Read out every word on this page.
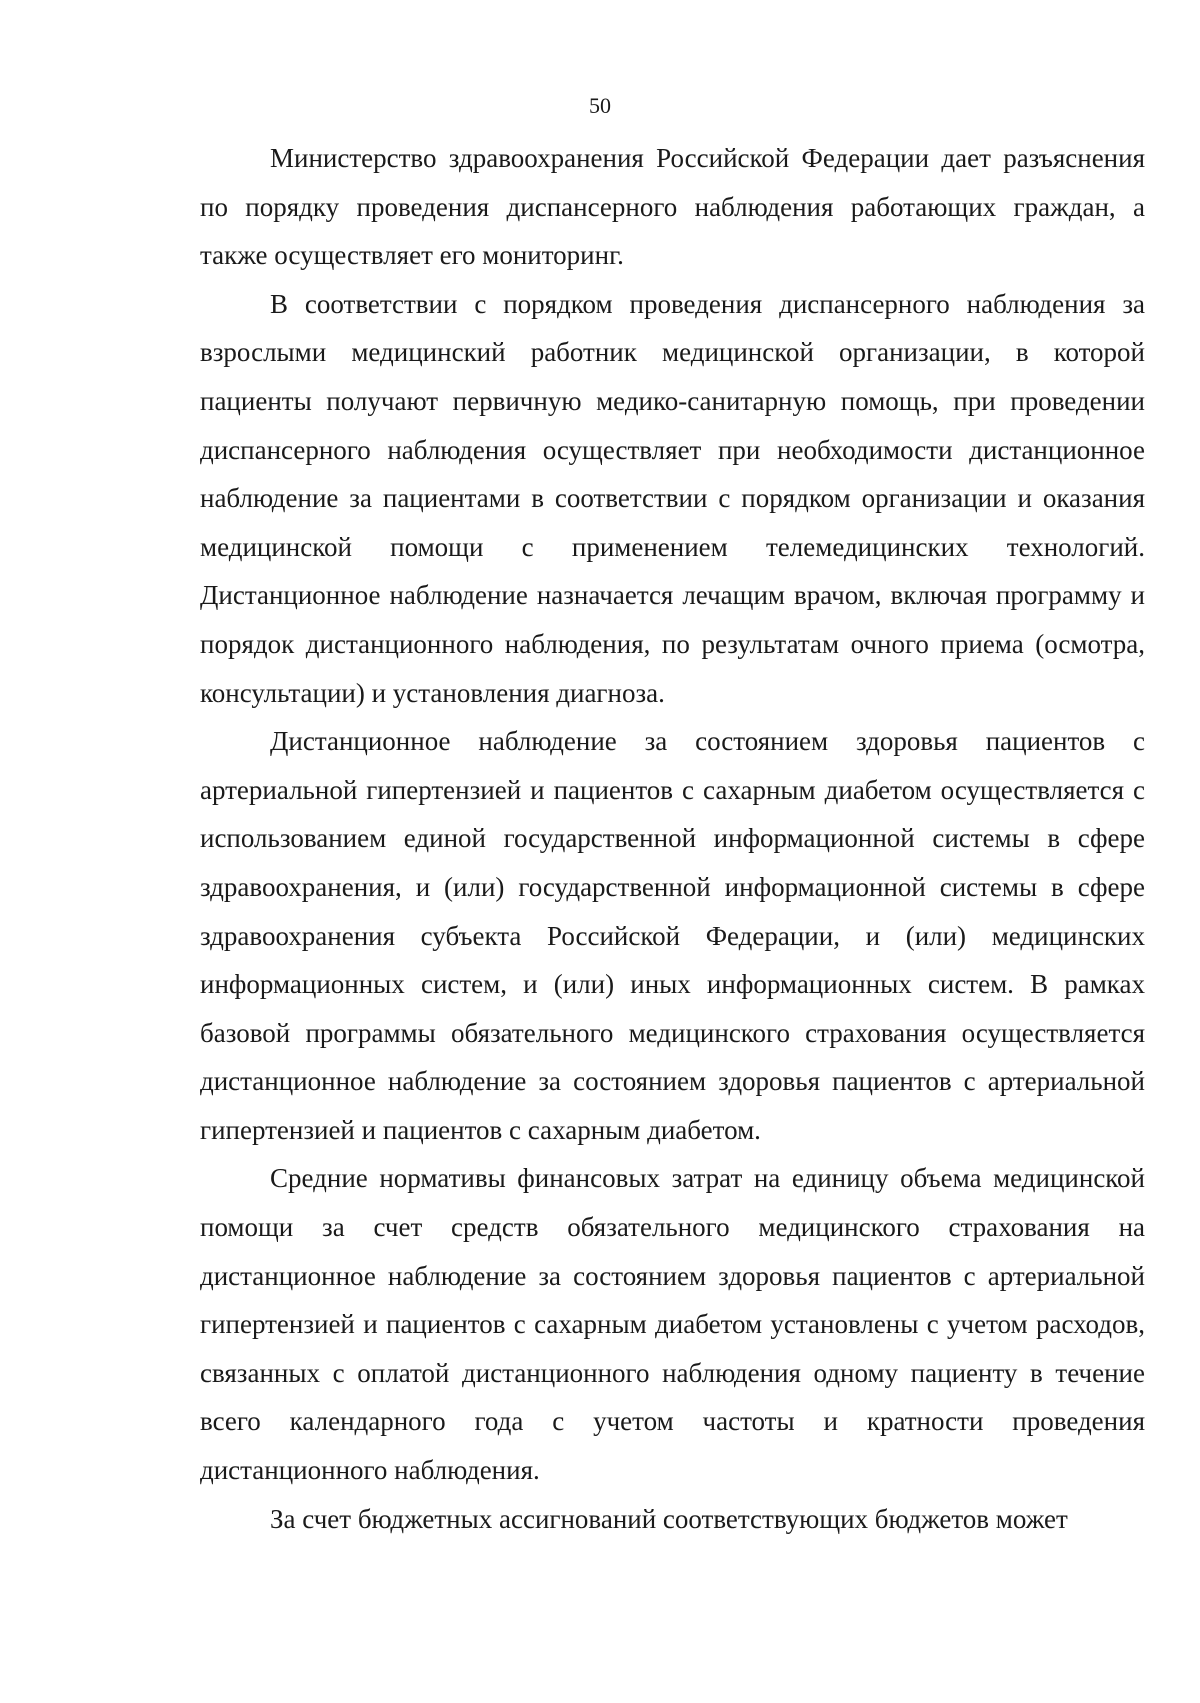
50

Министерство здравоохранения Российской Федерации дает разъяснения по порядку проведения диспансерного наблюдения работающих граждан, а также осуществляет его мониторинг.

В соответствии с порядком проведения диспансерного наблюдения за взрослыми медицинский работник медицинской организации, в которой пациенты получают первичную медико-санитарную помощь, при проведении диспансерного наблюдения осуществляет при необходимости дистанционное наблюдение за пациентами в соответствии с порядком организации и оказания медицинской помощи с применением телемедицинских технологий. Дистанционное наблюдение назначается лечащим врачом, включая программу и порядок дистанционного наблюдения, по результатам очного приема (осмотра, консультации) и установления диагноза.

Дистанционное наблюдение за состоянием здоровья пациентов с артериальной гипертензией и пациентов с сахарным диабетом осуществляется с использованием единой государственной информационной системы в сфере здравоохранения, и (или) государственной информационной системы в сфере здравоохранения субъекта Российской Федерации, и (или) медицинских информационных систем, и (или) иных информационных систем. В рамках базовой программы обязательного медицинского страхования осуществляется дистанционное наблюдение за состоянием здоровья пациентов с артериальной гипертензией и пациентов с сахарным диабетом.

Средние нормативы финансовых затрат на единицу объема медицинской помощи за счет средств обязательного медицинского страхования на дистанционное наблюдение за состоянием здоровья пациентов с артериальной гипертензией и пациентов с сахарным диабетом установлены с учетом расходов, связанных с оплатой дистанционного наблюдения одному пациенту в течение всего календарного года с учетом частоты и кратности проведения дистанционного наблюдения.

За счет бюджетных ассигнований соответствующих бюджетов может
